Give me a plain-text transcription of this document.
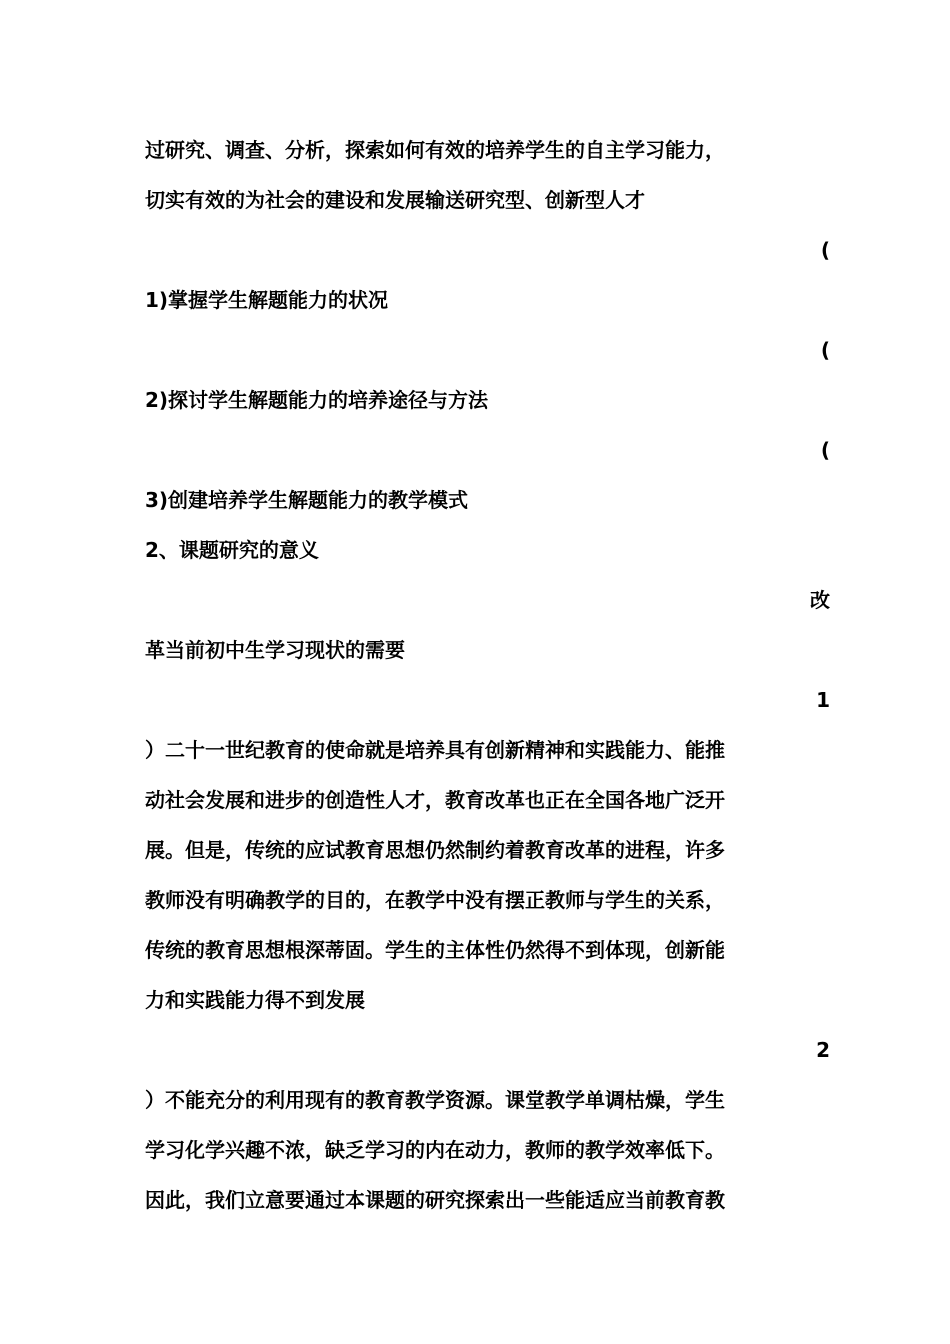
过研究、调查、分析，探索如何有效的培养学生的自主学习能力，
切实有效的为社会的建设和发展输送研究型、创新型人才
(
1)掌握学生解题能力的状况
(
2)探讨学生解题能力的培养途径与方法
(
3)创建培养学生解题能力的教学模式
2、课题研究的意义
改
革当前初中生学习现状的需要
1
）二十一世纪教育的使命就是培养具有创新精神和实践能力、能推
动社会发展和进步的创造性人才，教育改革也正在全国各地广泛开
展。但是，传统的应试教育思想仍然制约着教育改革的进程，许多
教师没有明确教学的目的，在教学中没有摆正教师与学生的关系，
传统的教育思想根深蒂固。学生的主体性仍然得不到体现，创新能
力和实践能力得不到发展
2
）不能充分的利用现有的教育教学资源。课堂教学单调枯燥，学生
学习化学兴趣不浓，缺乏学习的内在动力，教师的教学效率低下。
因此，我们立意要通过本课题的研究探索出一些能适应当前教育教
